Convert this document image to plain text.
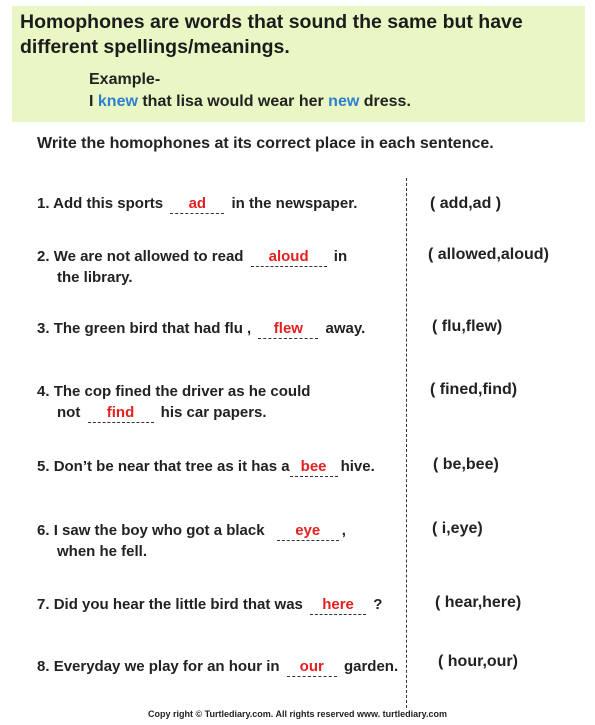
Homophones are words that sound the same but have different spellings/meanings.
Example-
I knew that lisa would wear her new dress.
Write the homophones at its correct place in each sentence.
1. Add this sports ad in the newspaper.	( add,ad )
2. We are not allowed to read aloud in
the library.
( allowed,aloud)
3. The green bird that had flu , flew away.	( flu,flew)
4. The cop fined the driver as he could
not find his car papers.
( fined,find)
5. Don’t be near that tree as it has a bee hive.	( be,bee)
6. I saw the boy who got a black eye ,
when he fell.
( i,eye)
7. Did you hear the little bird that was here ?	( hear,here)
8. Everyday we play for an hour in our garden. ( hour,our)
Copy right © Turtlediary.com. All rights reserved www. turtlediary.com
